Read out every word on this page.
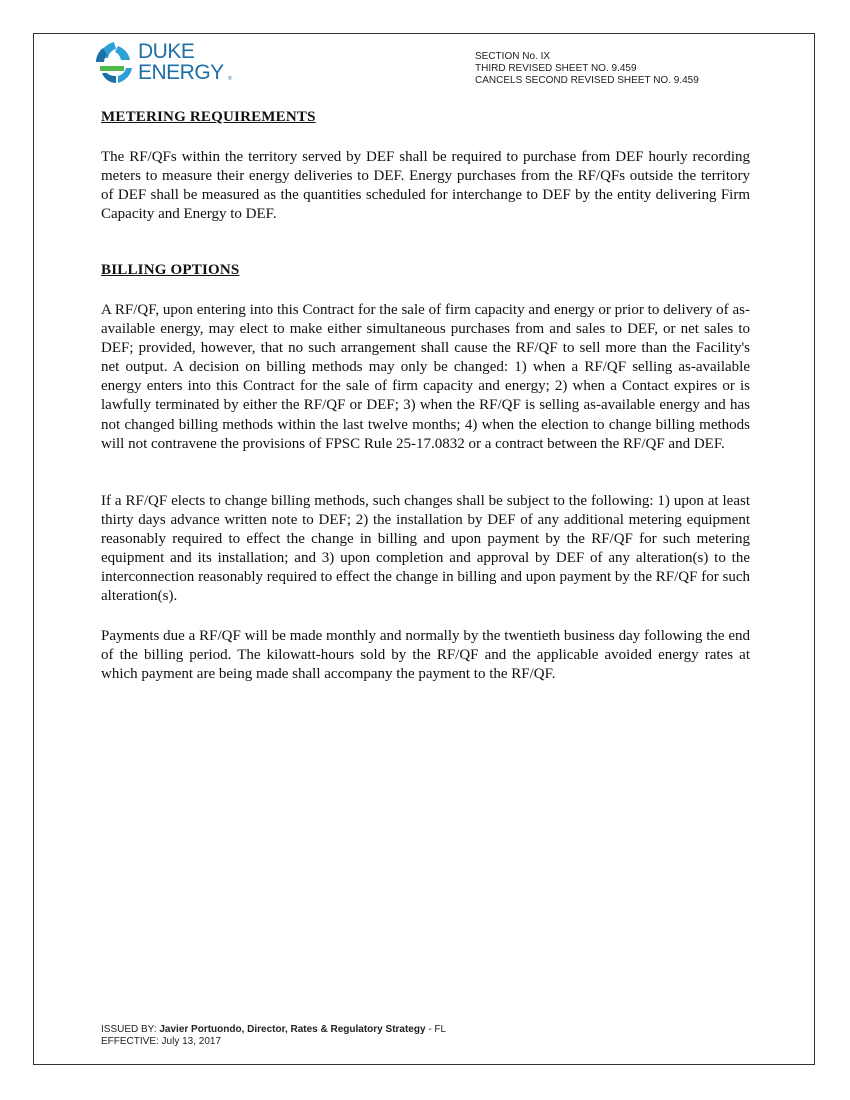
DUKE
ENERGY ®
SECTION No. IX
THIRD REVISED SHEET NO. 9.459
CANCELS SECOND REVISED SHEET NO. 9.459
METERING REQUIREMENTS
The RF/QFs within the territory served by DEF shall be required to purchase from DEF hourly recording meters to measure their energy deliveries to DEF. Energy purchases from the RF/QFs outside the territory of DEF shall be measured as the quantities scheduled for interchange to DEF by the entity delivering Firm Capacity and Energy to DEF.
BILLING OPTIONS
A RF/QF, upon entering into this Contract for the sale of firm capacity and energy or prior to delivery of as-available energy, may elect to make either simultaneous purchases from and sales to DEF, or net sales to DEF; provided, however, that no such arrangement shall cause the RF/QF to sell more than the Facility's net output. A decision on billing methods may only be changed: 1) when a RF/QF selling as-available energy enters into this Contract for the sale of firm capacity and energy; 2) when a Contact expires or is lawfully terminated by either the RF/QF or DEF; 3) when the RF/QF is selling as-available energy and has not changed billing methods within the last twelve months; 4) when the election to change billing methods will not contravene the provisions of FPSC Rule 25-17.0832 or a contract between the RF/QF and DEF.
If a RF/QF elects to change billing methods, such changes shall be subject to the following: 1) upon at least thirty days advance written note to DEF; 2) the installation by DEF of any additional metering equipment reasonably required to effect the change in billing and upon payment by the RF/QF for such metering equipment and its installation; and 3) upon completion and approval by DEF of any alteration(s) to the interconnection reasonably required to effect the change in billing and upon payment by the RF/QF for such alteration(s).
Payments due a RF/QF will be made monthly and normally by the twentieth business day following the end of the billing period. The kilowatt-hours sold by the RF/QF and the applicable avoided energy rates at which payment are being made shall accompany the payment to the RF/QF.
ISSUED BY: Javier Portuondo, Director, Rates & Regulatory Strategy - FL
EFFECTIVE: July 13, 2017
